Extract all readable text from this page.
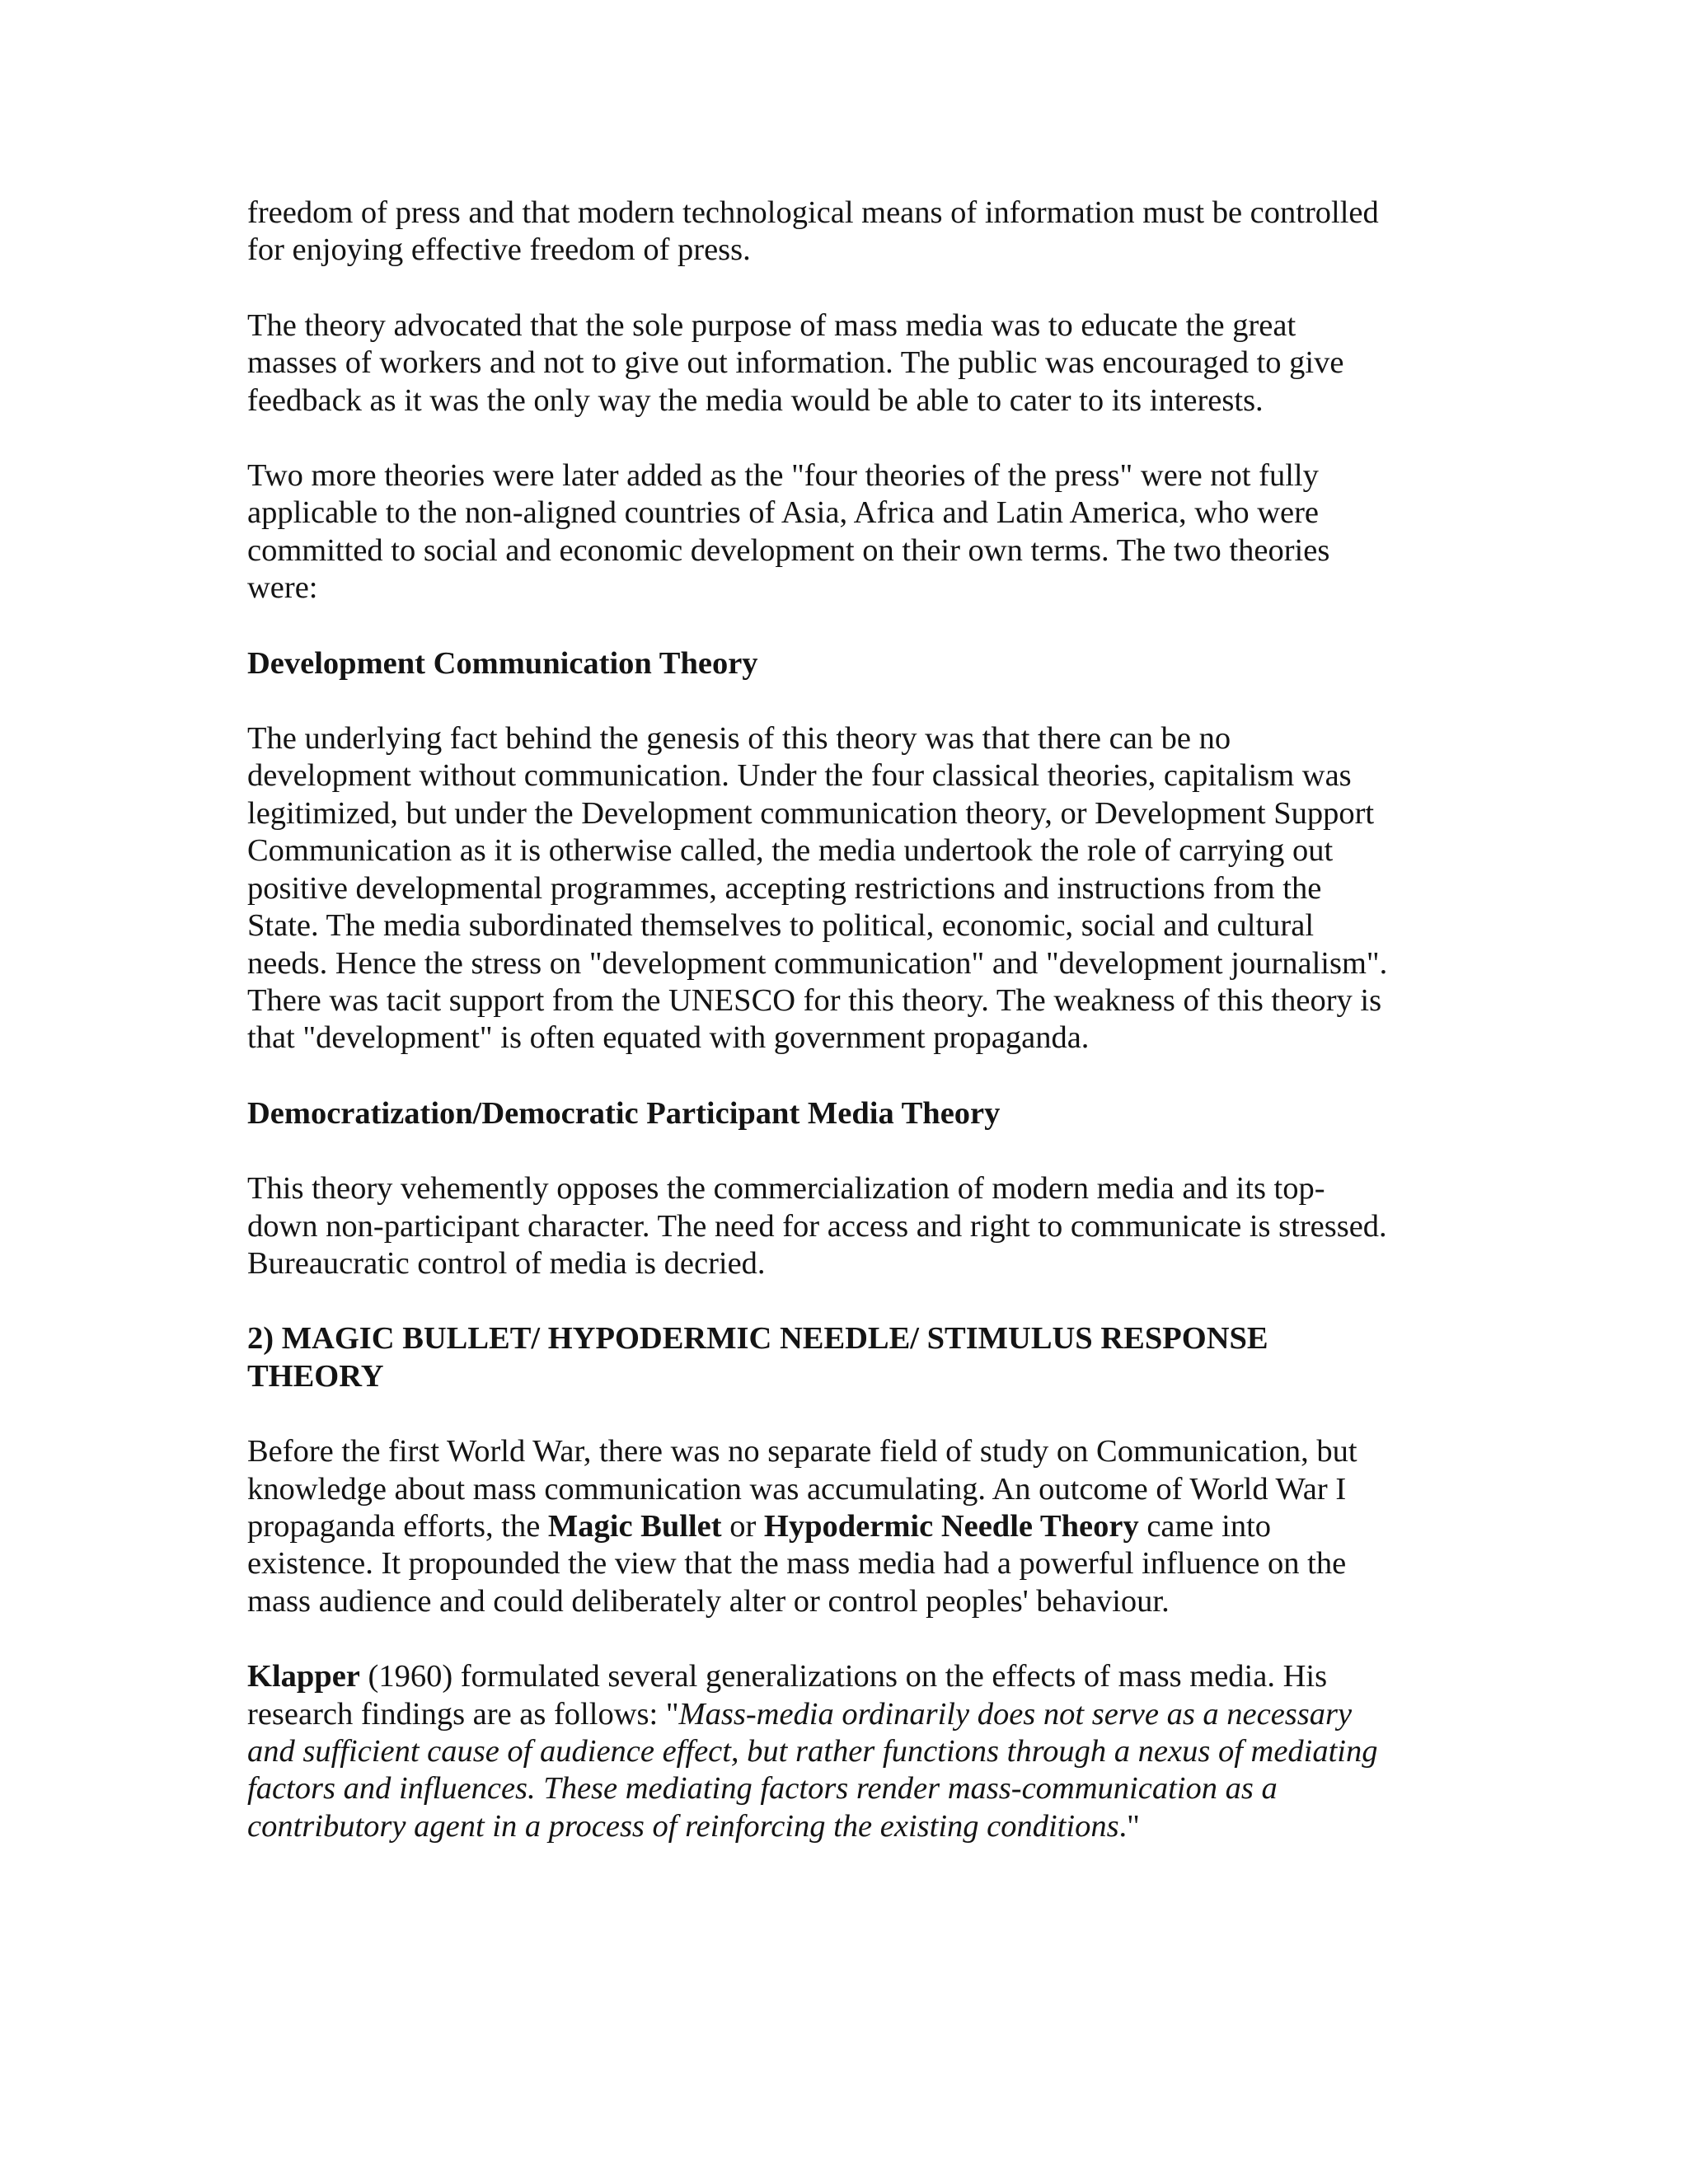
freedom of press and that modern technological means of information must be controlled
for enjoying effective freedom of press.

The theory advocated that the sole purpose of mass media was to educate the great
masses of workers and not to give out information. The public was encouraged to give
feedback as it was the only way the media would be able to cater to its interests.

Two more theories were later added as the "four theories of the press" were not fully
applicable to the non-aligned countries of Asia, Africa and Latin America, who were
committed to social and economic development on their own terms. The two theories
were:

Development Communication Theory

The underlying fact behind the genesis of this theory was that there can be no
development without communication. Under the four classical theories, capitalism was
legitimized, but under the Development communication theory, or Development Support
Communication as it is otherwise called, the media undertook the role of carrying out
positive developmental programmes, accepting restrictions and instructions from the
State. The media subordinated themselves to political, economic, social and cultural
needs. Hence the stress on "development communication" and "development journalism".
There was tacit support from the UNESCO for this theory. The weakness of this theory is
that "development" is often equated with government propaganda.

Democratization/Democratic Participant Media Theory

This theory vehemently opposes the commercialization of modern media and its top-
down non-participant character. The need for access and right to communicate is stressed.
Bureaucratic control of media is decried.

2) MAGIC BULLET/ HYPODERMIC NEEDLE/ STIMULUS RESPONSE
THEORY

Before the first World War, there was no separate field of study on Communication, but
knowledge about mass communication was accumulating. An outcome of World War I
propaganda efforts, the Magic Bullet or Hypodermic Needle Theory came into
existence. It propounded the view that the mass media had a powerful influence on the
mass audience and could deliberately alter or control peoples' behaviour.

Klapper (1960) formulated several generalizations on the effects of mass media. His
research findings are as follows: "Mass-media ordinarily does not serve as a necessary
and sufficient cause of audience effect, but rather functions through a nexus of mediating
factors and influences. These mediating factors render mass-communication as a
contributory agent in a process of reinforcing the existing conditions."
